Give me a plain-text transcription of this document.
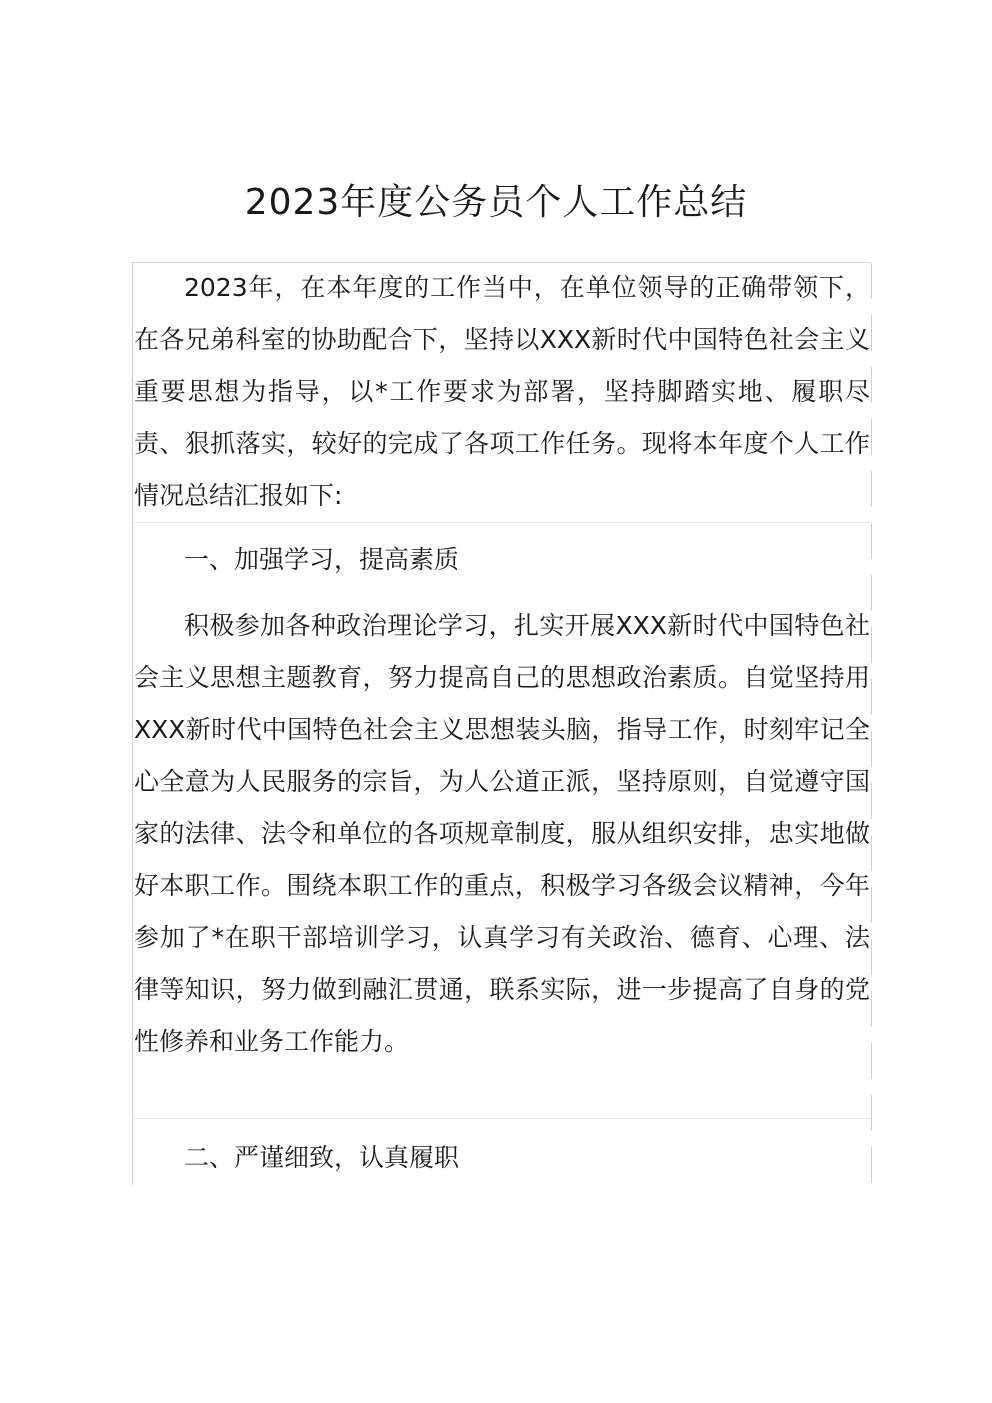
2023年度公务员个人工作总结

2023年，在本年度的工作当中，在单位领导的正确带领下，在各兄弟科室的协助配合下，坚持以XXX新时代中国特色社会主义重要思想为指导，以*工作要求为部署，坚持脚踏实地、履职尽责、狠抓落实，较好的完成了各项工作任务。现将本年度个人工作情况总结汇报如下:

一、加强学习，提高素质

积极参加各种政治理论学习，扎实开展XXX新时代中国特色社会主义思想主题教育，努力提高自己的思想政治素质。自觉坚持用XXX新时代中国特色社会主义思想装头脑，指导工作，时刻牢记全心全意为人民服务的宗旨，为人公道正派，坚持原则，自觉遵守国家的法律、法令和单位的各项规章制度，服从组织安排，忠实地做好本职工作。围绕本职工作的重点，积极学习各级会议精神，今年参加了*在职干部培训学习，认真学习有关政治、德育、心理、法律等知识，努力做到融汇贯通，联系实际，进一步提高了自身的党性修养和业务工作能力。

二、严谨细致，认真履职
